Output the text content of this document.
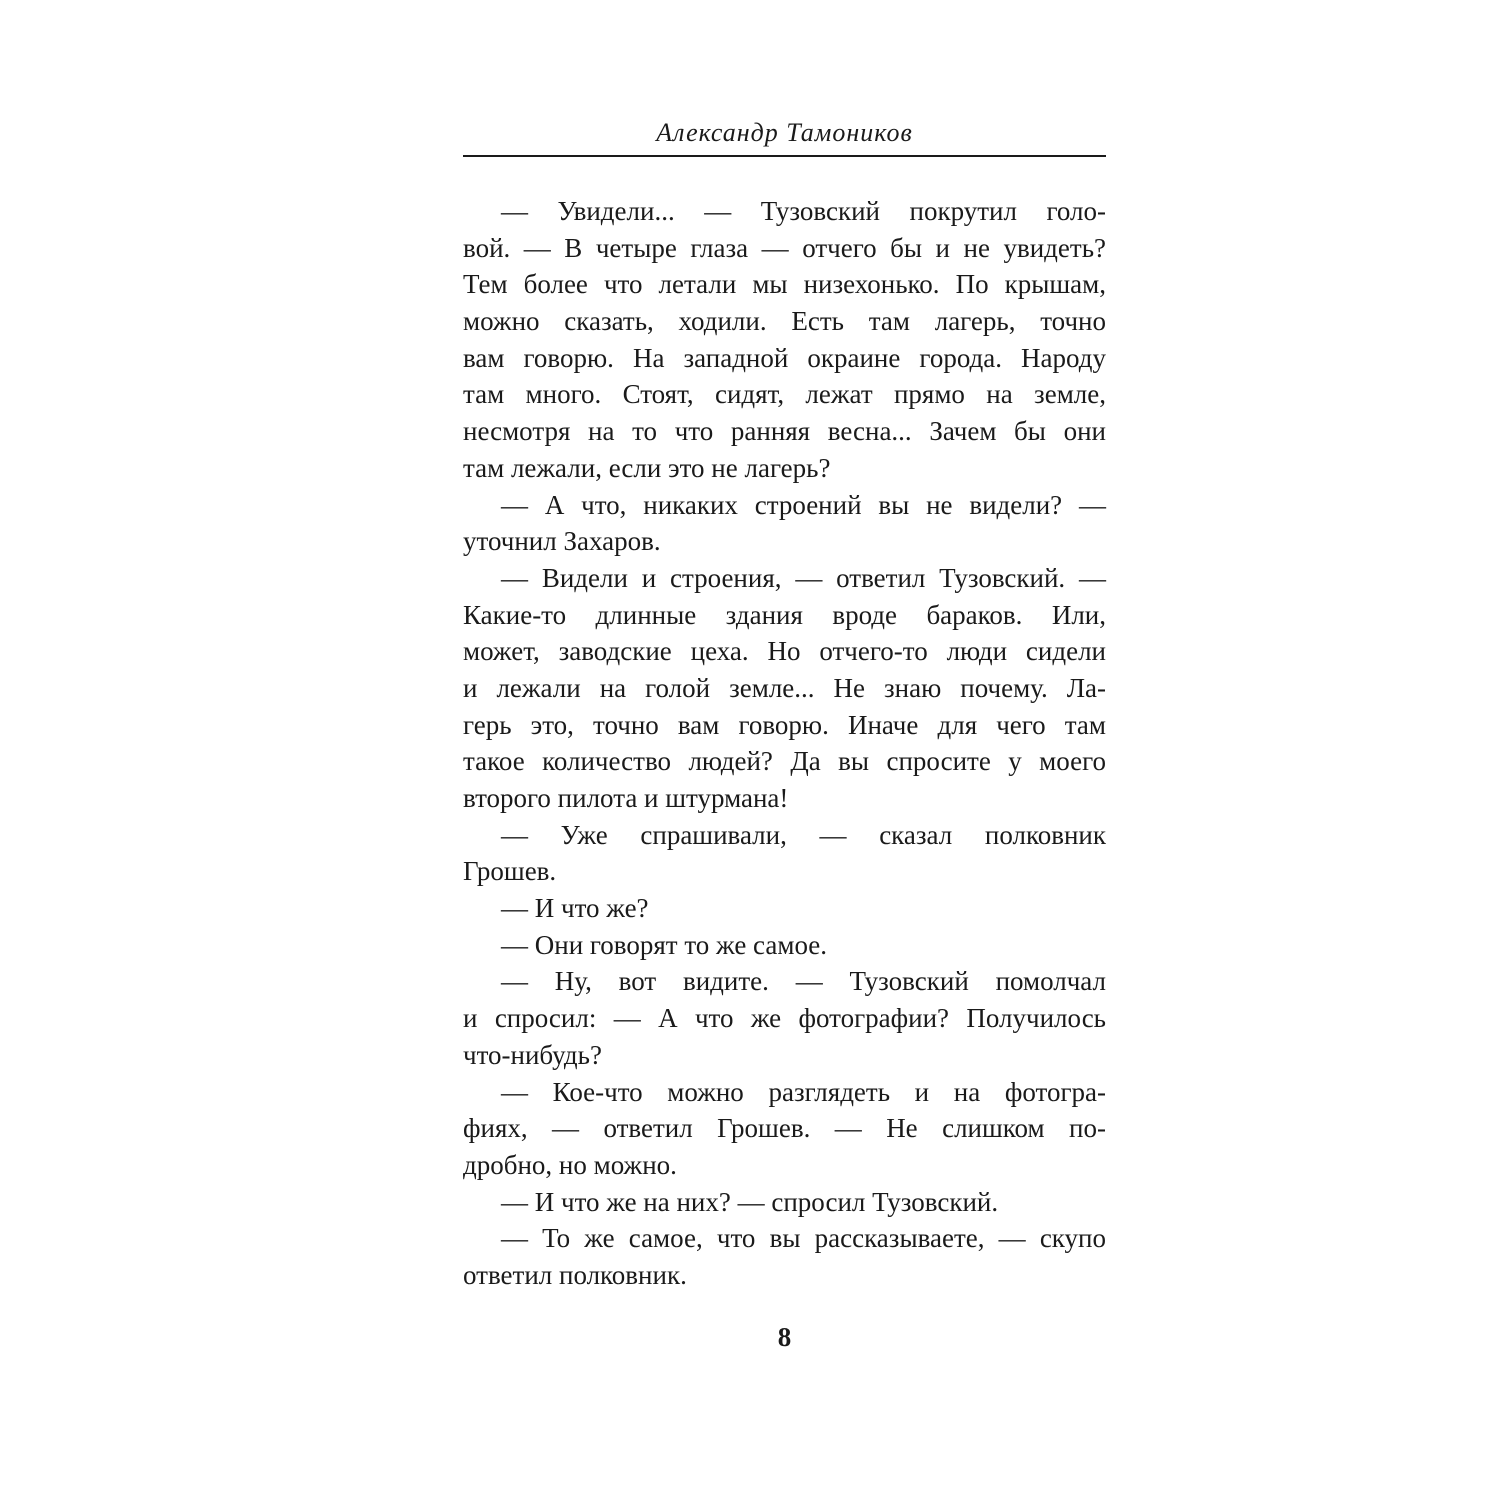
Александр Тамоников
— Увидели... — Тузовский покрутил голо-
вой. — В четыре глаза — отчего бы и не увидеть?
Тем более что летали мы низехонько. По крышам,
можно сказать, ходили. Есть там лагерь, точно
вам говорю. На западной окраине города. Народу
там много. Стоят, сидят, лежат прямо на земле,
несмотря на то что ранняя весна... Зачем бы они
там лежали, если это не лагерь?
— А что, никаких строений вы не видели? —
уточнил Захаров.
— Видели и строения, — ответил Тузовский. —
Какие-то длинные здания вроде бараков. Или,
может, заводские цеха. Но отчего-то люди сидели
и лежали на голой земле... Не знаю почему. Ла-
герь это, точно вам говорю. Иначе для чего там
такое количество людей? Да вы спросите у моего
второго пилота и штурмана!
— Уже спрашивали, — сказал полковник
Грошев.
— И что же?
— Они говорят то же самое.
— Ну, вот видите. — Тузовский помолчал
и спросил: — А что же фотографии? Получилось
что-нибудь?
— Кое-что можно разглядеть и на фотогра-
фиях, — ответил Грошев. — Не слишком по-
дробно, но можно.
— И что же на них? — спросил Тузовский.
— То же самое, что вы рассказываете, — скупо
ответил полковник.
8
